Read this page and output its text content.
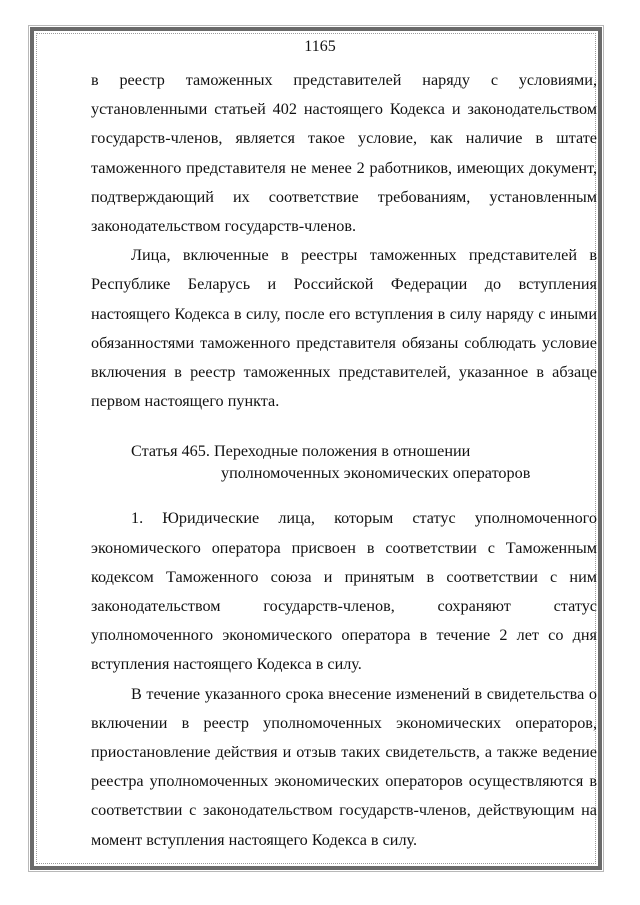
1165

в реестр таможенных представителей наряду с условиями, установленными статьей 402 настоящего Кодекса и законодательством государств-членов, является такое условие, как наличие в штате таможенного представителя не менее 2 работников, имеющих документ, подтверждающий их соответствие требованиям, установленным законодательством государств-членов.

Лица, включенные в реестры таможенных представителей в Республике Беларусь и Российской Федерации до вступления настоящего Кодекса в силу, после его вступления в силу наряду с иными обязанностями таможенного представителя обязаны соблюдать условие включения в реестр таможенных представителей, указанное в абзаце первом настоящего пункта.

Статья 465. Переходные положения в отношении
уполномоченных экономических операторов

1. Юридические лица, которым статус уполномоченного экономического оператора присвоен в соответствии с Таможенным кодексом Таможенного союза и принятым в соответствии с ним законодательством государств-членов, сохраняют статус уполномоченного экономического оператора в течение 2 лет со дня вступления настоящего Кодекса в силу.

В течение указанного срока внесение изменений в свидетельства о включении в реестр уполномоченных экономических операторов, приостановление действия и отзыв таких свидетельств, а также ведение реестра уполномоченных экономических операторов осуществляются в соответствии с законодательством государств-членов, действующим на момент вступления настоящего Кодекса в силу.
